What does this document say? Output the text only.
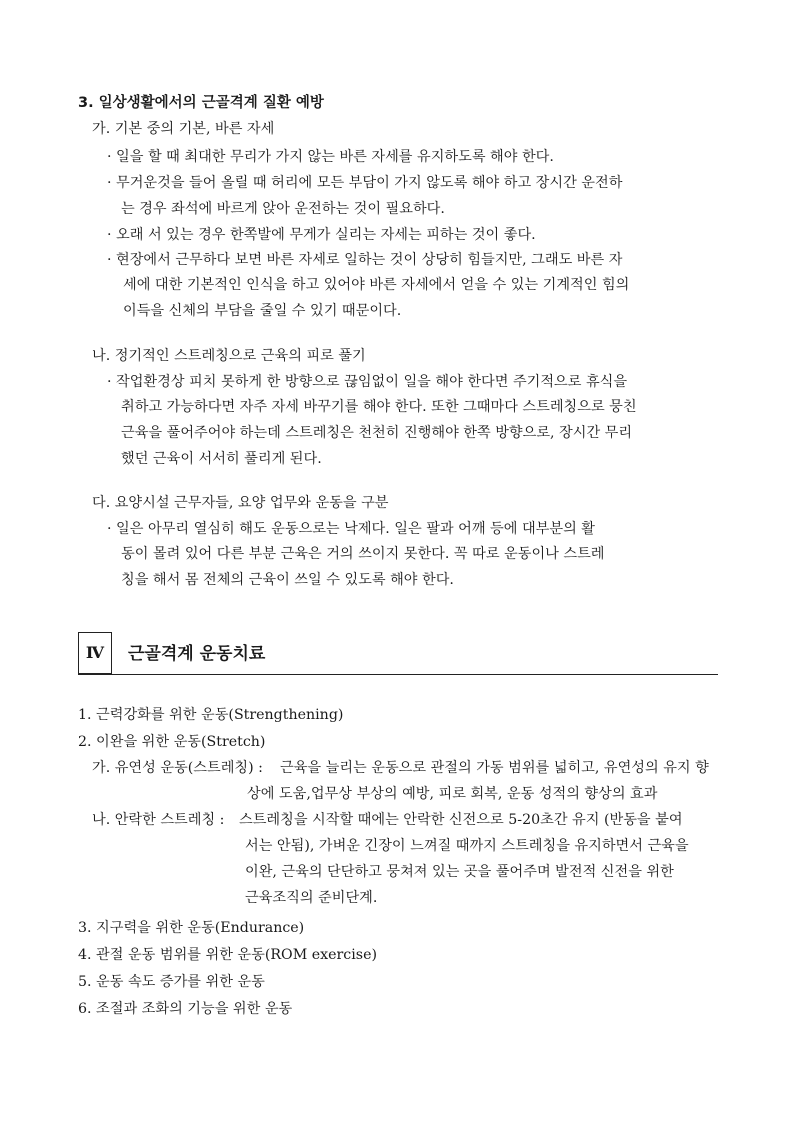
3. 일상생활에서의 근골격계 질환 예방
가. 기본 중의 기본, 바른 자세
· 일을 할 때 최대한 무리가 가지 않는 바른 자세를 유지하도록 해야 한다.
· 무거운것을 들어 올릴 때 허리에 모든 부담이 가지 않도록 해야 하고 장시간 운전하
는 경우 좌석에 바르게 앉아 운전하는 것이 필요하다.
· 오래 서 있는 경우 한쪽발에 무게가 실리는 자세는 피하는 것이 좋다.
· 현장에서 근무하다 보면 바른 자세로 일하는 것이 상당히 힘들지만, 그래도 바른 자
세에 대한 기본적인 인식을 하고 있어야 바른 자세에서 얻을 수 있는 기계적인 힘의
이득을 신체의 부담을 줄일 수 있기 때문이다.
나. 정기적인 스트레칭으로 근육의 피로 풀기
· 작업환경상 피치 못하게 한 방향으로 끊임없이 일을 해야 한다면 주기적으로 휴식을
취하고 가능하다면 자주 자세 바꾸기를 해야 한다. 또한 그때마다 스트레칭으로 뭉친
근육을 풀어주어야 하는데 스트레칭은 천천히 진행해야 한쪽 방향으로, 장시간 무리
했던 근육이 서서히 풀리게 된다.
다. 요양시설 근무자들, 요양 업무와 운동을 구분
· 일은 아무리 열심히 해도 운동으로는 낙제다. 일은 팔과 어깨 등에 대부분의 활
동이 몰려 있어 다른 부분 근육은 거의 쓰이지 못한다. 꼭 따로 운동이나 스트레
칭을 해서 몸 전체의 근육이 쓰일 수 있도록 해야 한다.
Ⅳ	근골격계 운동치료
1. 근력강화를 위한 운동(Strengthening)
2. 이완을 위한 운동(Stretch)
가. 유연성 운동(스트레칭) : 근육을 늘리는 운동으로 관절의 가동 범위를 넓히고, 유연성의 유지 향
상에 도움,업무상 부상의 예방, 피로 회복, 운동 성적의 향상의 효과
나. 안락한 스트레칭 : 스트레칭을 시작할 때에는 안락한 신전으로 5-20초간 유지 (반동을 붙여
서는 안됨), 가벼운 긴장이 느껴질 때까지 스트레칭을 유지하면서 근육을
이완, 근육의 단단하고 뭉쳐져 있는 곳을 풀어주며 발전적 신전을 위한
근육조직의 준비단계.
3. 지구력을 위한 운동(Endurance)
4. 관절 운동 범위를 위한 운동(ROM exercise)
5. 운동 속도 증가를 위한 운동
6. 조절과 조화의 기능을 위한 운동
